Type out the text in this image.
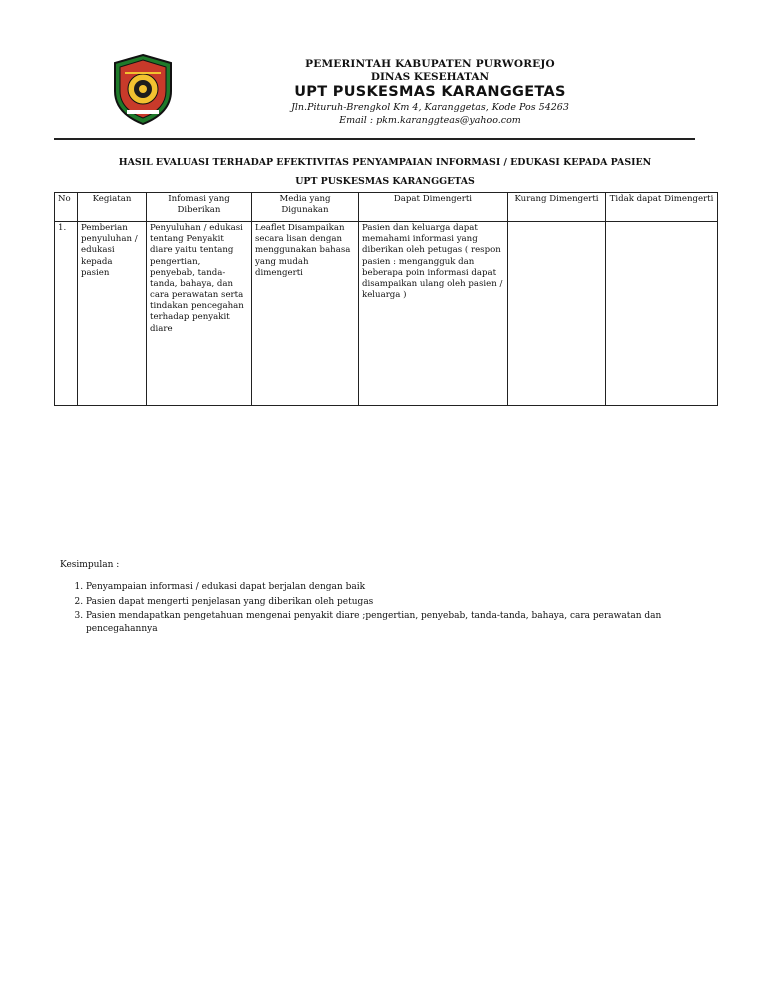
PEMERINTAH KABUPATEN PURWOREJO
DINAS KESEHATAN
UPT PUSKESMAS KARANGGETAS
Jln.Pituruh-Brengkol Km 4, Karanggetas, Kode Pos 54263
Email : pkm.karanggteas@yahoo.com
HASIL EVALUASI TERHADAP EFEKTIVITAS PENYAMPAIAN INFORMASI / EDUKASI KEPADA PASIEN
UPT PUSKESMAS KARANGGETAS
No	Kegiatan	Infomasi yang Diberikan	Media yang Digunakan	Dapat Dimengerti	Kurang Dimengerti	Tidak dapat Dimengerti
1.	Pemberian penyuluhan / edukasi kepada pasien	Penyuluhan / edukasi tentang Penyakit diare yaitu tentang pengertian, penyebab, tanda-tanda, bahaya, dan cara perawatan serta tindakan pencegahan terhadap penyakit diare	Leaflet Disampaikan secara lisan dengan menggunakan bahasa yang mudah dimengerti	Pasien dan keluarga dapat memahami informasi yang diberikan oleh petugas ( respon pasien : mengangguk dan beberapa poin informasi dapat disampaikan ulang oleh pasien / keluarga )		
Kesimpulan :
1. Penyampaian informasi / edukasi dapat berjalan dengan baik
2. Pasien dapat mengerti penjelasan yang diberikan oleh petugas
3. Pasien mendapatkan pengetahuan mengenai penyakit diare ;pengertian, penyebab, tanda-tanda, bahaya, cara perawatan dan pencegahannya
